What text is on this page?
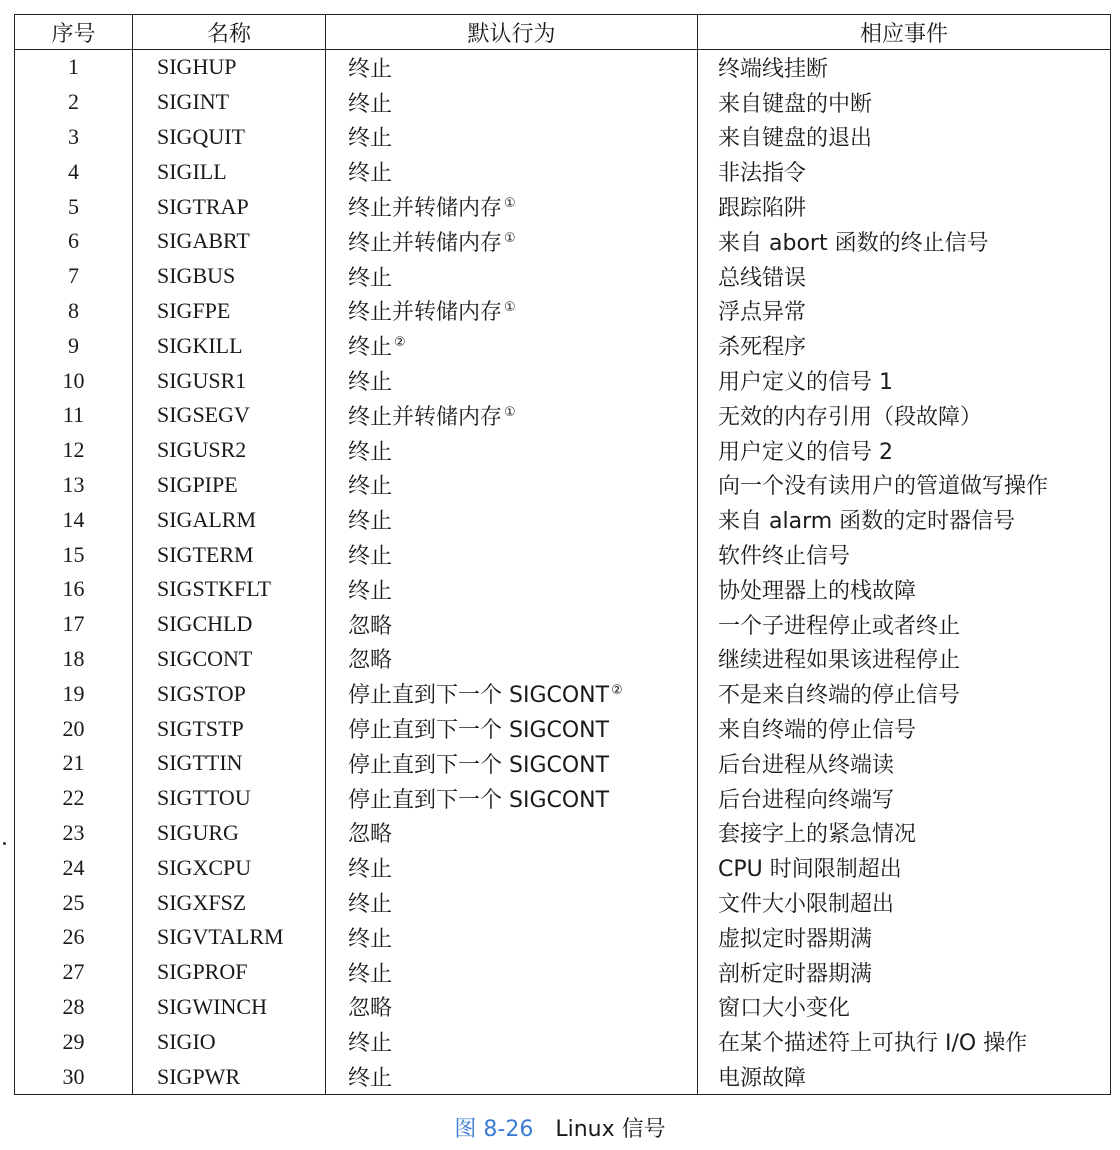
序号	名称	默认行为	相应事件
1	SIGHUP	终止	终端线挂断
2	SIGINT	终止	来自键盘的中断
3	SIGQUIT	终止	来自键盘的退出
4	SIGILL	终止	非法指令
5	SIGTRAP	终止并转储内存 ①	跟踪陷阱
6	SIGABRT	终止并转储内存 ①	来自 abort 函数的终止信号
7	SIGBUS	终止	总线错误
8	SIGFPE	终止并转储内存 ①	浮点异常
9	SIGKILL	终止 ②	杀死程序
10	SIGUSR1	终止	用户定义的信号 1
11	SIGSEGV	终止并转储内存 ①	无效的内存引用（段故障）
12	SIGUSR2	终止	用户定义的信号 2
13	SIGPIPE	终止	向一个没有读用户的管道做写操作
14	SIGALRM	终止	来自 alarm 函数的定时器信号
15	SIGTERM	终止	软件终止信号
16	SIGSTKFLT	终止	协处理器上的栈故障
17	SIGCHLD	忽略	一个子进程停止或者终止
18	SIGCONT	忽略	继续进程如果该进程停止
19	SIGSTOP	停止直到下一个 SIGCONT ②	不是来自终端的停止信号
20	SIGTSTP	停止直到下一个 SIGCONT	来自终端的停止信号
21	SIGTTIN	停止直到下一个 SIGCONT	后台进程从终端读
22	SIGTTOU	停止直到下一个 SIGCONT	后台进程向终端写
23	SIGURG	忽略	套接字上的紧急情况
24	SIGXCPU	终止	CPU 时间限制超出
25	SIGXFSZ	终止	文件大小限制超出
26	SIGVTALRM	终止	虚拟定时器期满
27	SIGPROF	终止	剖析定时器期满
28	SIGWINCH	忽略	窗口大小变化
29	SIGIO	终止	在某个描述符上可执行 I/O 操作
30	SIGPWR	终止	电源故障
图 8-26 Linux 信号
